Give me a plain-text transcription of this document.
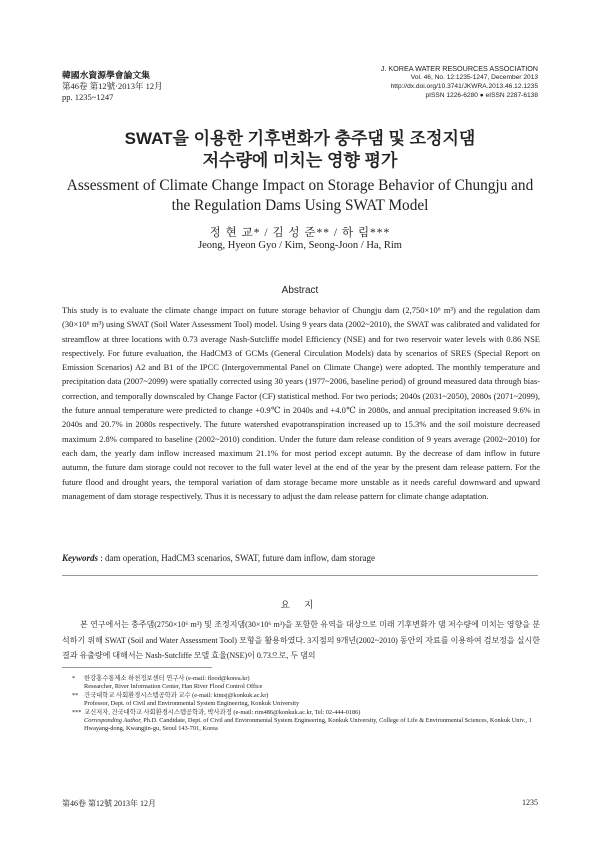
韓國水資源學會論文集
第46卷 第12號·2013年 12月
pp. 1235~1247
J. KOREA WATER RESOURCES ASSOCIATION
Vol. 46, No. 12:1235-1247, December 2013
http://dx.doi.org/10.3741/JKWRA.2013.46.12.1235
pISSN 1226-6280 ● eISSN 2287-6138
SWAT을 이용한 기후변화가 충주댐 및 조정지댐
저수량에 미치는 영향 평가
Assessment of Climate Change Impact on Storage Behavior of Chungju and
the Regulation Dams Using SWAT Model
정 현 교* / 김 성 준** / 하 림***
Jeong, Hyeon Gyo / Kim, Seong-Joon / Ha, Rim
Abstract
This study is to evaluate the climate change impact on future storage behavior of Chungju dam (2,750×10⁶ m³) and the regulation dam (30×10⁶ m³) using SWAT (Soil Water Assessment Tool) model. Using 9 years data (2002~2010), the SWAT was calibrated and validated for streamflow at three locations with 0.73 average Nash-Sutcliffe model Efficiency (NSE) and for two reservoir water levels with 0.86 NSE respectively. For future evaluation, the HadCM3 of GCMs (General Circulation Models) data by scenarios of SRES (Special Report on Emission Scenarios) A2 and B1 of the IPCC (Intergovernmental Panel on Climate Change) were adopted. The monthly temperature and precipitation data (2007~2099) were spatially corrected using 30 years (1977~2006, baseline period) of ground measured data through bias-correction, and temporally downscaled by Change Factor (CF) statistical method. For two periods; 2040s (2031~2050), 2080s (2071~2099), the future annual temperature were predicted to change +0.9℃ in 2040s and +4.0℃ in 2080s, and annual precipitation increased 9.6% in 2040s and 20.7% in 2080s respectively. The future watershed evapotranspiration increased up to 15.3% and the soil moisture decreased maximum 2.8% compared to baseline (2002~2010) condition. Under the future dam release condition of 9 years average (2002~2010) for each dam, the yearly dam inflow increased maximum 21.1% for most period except autumn. By the decrease of dam inflow in future autumn, the future dam storage could not recover to the full water level at the end of the year by the present dam release pattern. For the future flood and drought years, the temporal variation of dam storage became more unstable as it needs careful downward and upward management of dam storage respectively. Thus it is necessary to adjust the dam release pattern for climate change adaptation.
Keywords : dam operation, HadCM3 scenarios, SWAT, future dam inflow, dam storage
요 지
본 연구에서는 충주댐(2750×10⁶ m³) 및 조정지댐(30×10⁶ m³)을 포함한 유역을 대상으로 미래 기후변화가 댐 저수량에 미치는 영향을 분석하기 위해 SWAT (Soil and Water Assessment Tool) 모형을 활용하였다. 3지점의 9개년(2002~2010) 동안의 자료를 이용하여 검보정을 실시한 결과 유출량에 대해서는 Nash-Sutcliffe 모델 효율(NSE)이 0.73으로, 두 댐의
* 한강홍수통제소 하천정보센터 연구사 (e-mail: flood@korea.kr)
Researcher, River Information Center, Han River Flood Control Office
** 건국대학교 사회환경시스템공학과 교수 (e-mail: kimsj@konkuk.ac.kr)
Professor, Dept. of Civil and Environmental System Engineering, Konkuk University
*** 교신저자, 건국대학교 사회환경시스템공학과, 박사과정 (e-mail: rim486@konkuk.ac.kr, Tel: 02-444-0186)
Corresponding Author, Ph.D. Candidate, Dept. of Civil and Environmental System Engineering, Konkuk University, College of Life & Environmental Sciences, Konkuk Univ., 1 Hwayang-dong, Kwangjin-gu, Seoul 143-701, Korea
第46卷 第12號 2013年 12月	1235
